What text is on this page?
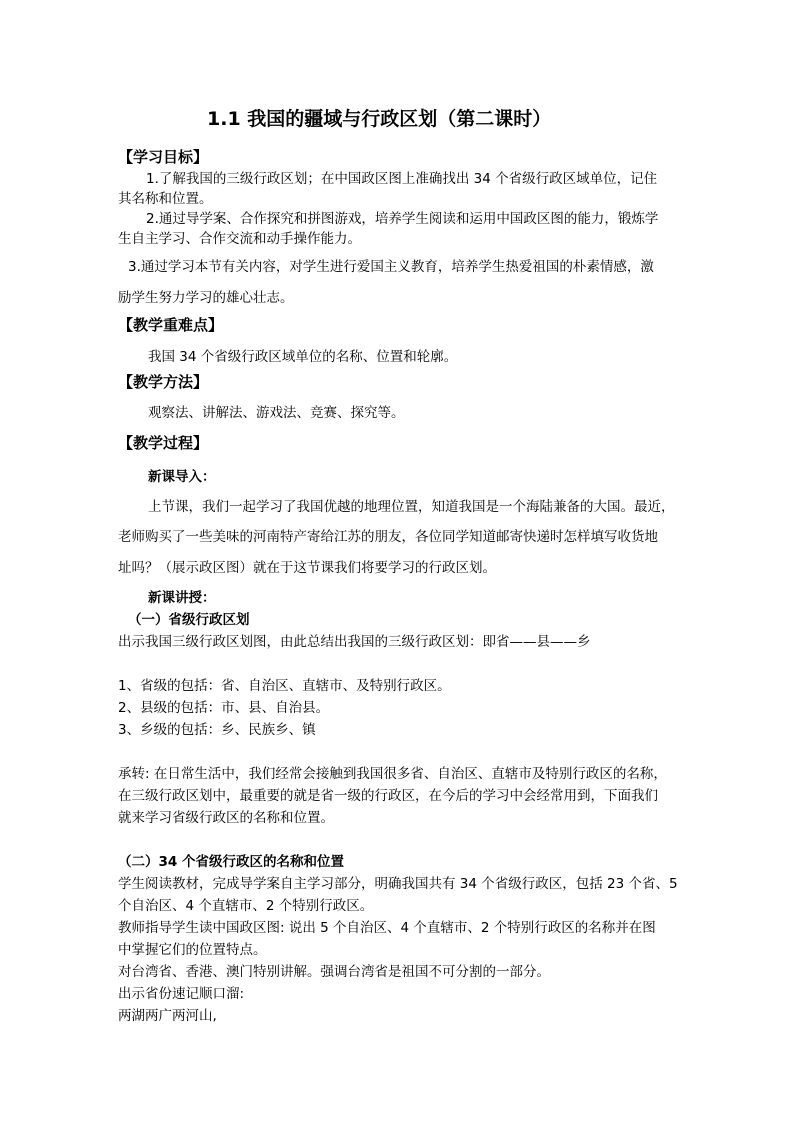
1.1 我国的疆域与行政区划（第二课时）
【学习目标】
1.了解我国的三级行政区划；在中国政区图上准确找出 34 个省级行政区域单位，记住
其名称和位置。
2.通过导学案、合作探究和拼图游戏，培养学生阅读和运用中国政区图的能力，锻炼学
生自主学习、合作交流和动手操作能力。
3.通过学习本节有关内容，对学生进行爱国主义教育，培养学生热爱祖国的朴素情感，激
励学生努力学习的雄心壮志。
【教学重难点】
我国 34 个省级行政区域单位的名称、位置和轮廓。
【教学方法】
观察法、讲解法、游戏法、竞赛、探究等。
【教学过程】
新课导入：
上节课，我们一起学习了我国优越的地理位置，知道我国是一个海陆兼备的大国。最近，
老师购买了一些美味的河南特产寄给江苏的朋友，各位同学知道邮寄快递时怎样填写收货地
址吗？（展示政区图）就在于这节课我们将要学习的行政区划。
新课讲授：
（一）省级行政区划
出示我国三级行政区划图，由此总结出我国的三级行政区划：即省——县——乡
1、省级的包括：省、自治区、直辖市、及特别行政区。
2、县级的包括：市、县、自治县。
3、乡级的包括：乡、民族乡、镇
承转: 在日常生活中，我们经常会接触到我国很多省、自治区、直辖市及特别行政区的名称，
在三级行政区划中，最重要的就是省一级的行政区，在今后的学习中会经常用到，下面我们
就来学习省级行政区的名称和位置。
（二）34 个省级行政区的名称和位置
学生阅读教材，完成导学案自主学习部分，明确我国共有 34 个省级行政区，包括 23 个省、5
个自治区、4 个直辖市、2 个特别行政区。
教师指导学生读中国政区图: 说出 5 个自治区、4 个直辖市、2 个特别行政区的名称并在图
中掌握它们的位置特点。
对台湾省、香港、澳门特别讲解。强调台湾省是祖国不可分割的一部分。
出示省份速记顺口溜:
两湖两广两河山,
